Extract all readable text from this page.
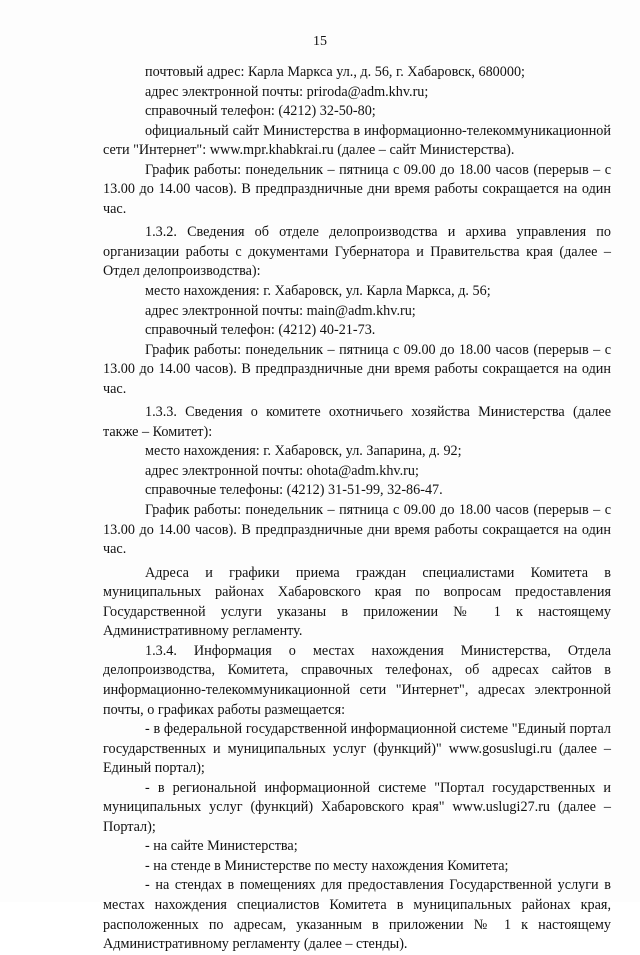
15

почтовый адрес: Карла Маркса ул., д. 56, г. Хабаровск, 680000;

адрес электронной почты: priroda@adm.khv.ru;

справочный телефон: (4212) 32-50-80;

официальный сайт Министерства в информационно-телекоммуникационной сети "Интернет": www.mpr.khabkrai.ru (далее – сайт Министерства).

График работы: понедельник – пятница с 09.00 до 18.00 часов (перерыв – с 13.00 до 14.00 часов). В предпраздничные дни время работы сокращается на один час.

1.3.2. Сведения об отделе делопроизводства и архива управления по организации работы с документами Губернатора и Правительства края (далее – Отдел делопроизводства):

место нахождения: г. Хабаровск, ул. Карла Маркса, д. 56;

адрес электронной почты: main@adm.khv.ru;

справочный телефон: (4212) 40-21-73.

График работы: понедельник – пятница с 09.00 до 18.00 часов (перерыв – с 13.00 до 14.00 часов). В предпраздничные дни время работы сокращается на один час.

1.3.3. Сведения о комитете охотничьего хозяйства Министерства (далее также – Комитет):

место нахождения: г. Хабаровск, ул. Запарина, д. 92;

адрес электронной почты: ohota@adm.khv.ru;

справочные телефоны: (4212) 31-51-99, 32-86-47.

График работы: понедельник – пятница с 09.00 до 18.00 часов (перерыв – с 13.00 до 14.00 часов). В предпраздничные дни время работы сокращается на один час.

Адреса и графики приема граждан специалистами Комитета в муниципальных районах Хабаровского края по вопросам предоставления Государственной услуги указаны в приложении № 1 к настоящему Административному регламенту.

1.3.4. Информация о местах нахождения Министерства, Отдела делопроизводства, Комитета, справочных телефонах, об адресах сайтов в информационно-телекоммуникационной сети "Интернет", адресах электронной почты, о графиках работы размещается:

- в федеральной государственной информационной системе "Единый портал государственных и муниципальных услуг (функций)" www.gosuslugi.ru (далее – Единый портал);

- в региональной информационной системе "Портал государственных и муниципальных услуг (функций) Хабаровского края" www.uslugi27.ru (далее – Портал);

- на сайте Министерства;

- на стенде в Министерстве по месту нахождения Комитета;

- на стендах в помещениях для предоставления Государственной услуги в местах нахождения специалистов Комитета в муниципальных районах края, расположенных по адресам, указанным в приложении № 1 к настоящему Административному регламенту (далее – стенды).
